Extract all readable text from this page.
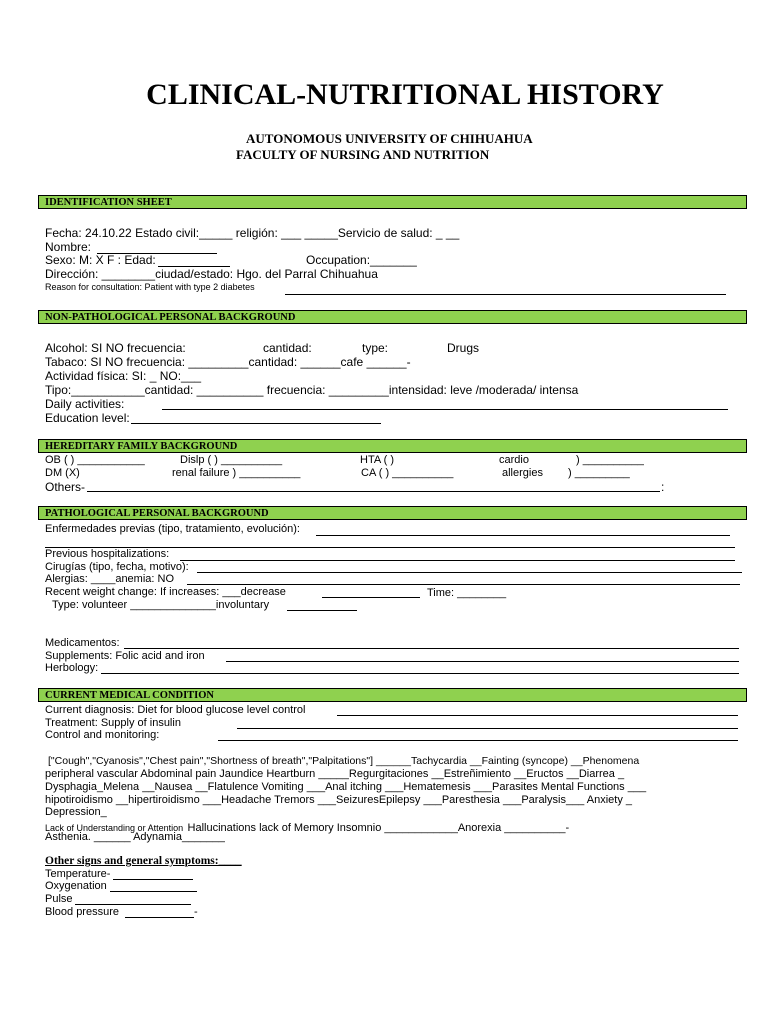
CLINICAL-NUTRITIONAL HISTORY
AUTONOMOUS UNIVERSITY OF CHIHUAHUA
FACULTY OF NURSING AND NUTRITION
IDENTIFICATION SHEET
Fecha: 24.10.22 Estado civil:_____ religión: ___ _____Servicio de salud: _ __
Nombre:
Sexo: M: X F : Edad:	Occupation:_______
Dirección: ________ciudad/estado: Hgo. del Parral Chihuahua
Reason for consultation: Patient with type 2 diabetes
NON-PATHOLOGICAL PERSONAL BACKGROUND
Alcohol: SI NO frecuencia:	cantidad:	type:	Drugs
Tabaco: SI NO frecuencia: _________cantidad: ______cafe ______-
Actividad física: SI: _ NO:___
Tipo:___________cantidad: __________ frecuencia: _________intensidad: leve /moderada/ intensa
Daily activities:
Education level:
HEREDITARY FAMILY BACKGROUND
OB ( ) ___________	Dislp ( ) __________	HTA ( )	cardio	) __________
DM (X)	renal failure ) __________	CA ( ) __________	allergies ) _________
Others-	:
PATHOLOGICAL PERSONAL BACKGROUND
Enfermedades previas (tipo, tratamiento, evolución):
Previous hospitalizations:
Cirugías (tipo, fecha, motivo):
Alergias: ____anemia: NO
Recent weight change: If increases: ___decrease	Time: ________
Type: volunteer ______________involuntary
Medicamentos:
Supplements: Folic acid and iron
Herbology:
CURRENT MEDICAL CONDITION
Current diagnosis: Diet for blood glucose level control
Treatment: Supply of insulin
Control and monitoring:
["Cough","Cyanosis","Chest pain","Shortness of breath","Palpitations"] ______Tachycardia __Fainting (syncope) __Phenomena
peripheral vascular Abdominal pain Jaundice Heartburn _____Regurgitaciones __Estreñimiento __Eructos __Diarrea _
Dysphagia_Melena __Nausea __Flatulence Vomiting ___Anal itching ___Hematemesis ___Parasites Mental Functions ___
hipotiroidismo __hipertiroidismo ___Headache Tremors ___SeizuresEpilepsy ___Paresthesia ___Paralysis___ Anxiety _
Depression_
Lack of Understanding or Attention Hallucinations lack of Memory Insomnio ____________Anorexia __________-
Asthenia. ______ Adynamia_______
Other signs and general symptoms:____
Temperature-
Oxygenation
Pulse
Blood pressure	-
